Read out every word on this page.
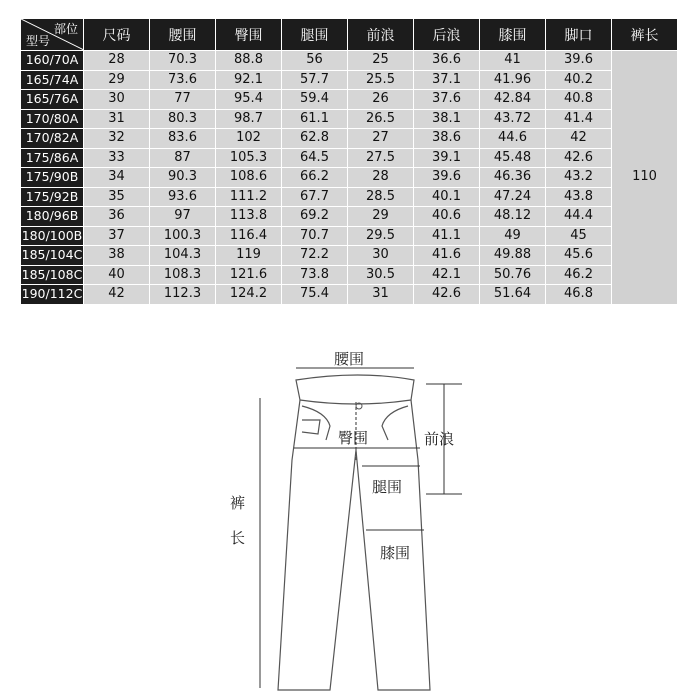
部位
型号	尺码	腰围	臀围	腿围	前浪	后浪	膝围	脚口	裤长
160/70A	28	70.3	88.8	56	25	36.6	41	39.6	110
165/74A	29	73.6	92.1	57.7	25.5	37.1	41.96	40.2	
165/76A	30	77	95.4	59.4	26	37.6	42.84	40.8	
170/80A	31	80.3	98.7	61.1	26.5	38.1	43.72	41.4	
170/82A	32	83.6	102	62.8	27	38.6	44.6	42	
175/86A	33	87	105.3	64.5	27.5	39.1	45.48	42.6	
175/90B	34	90.3	108.6	66.2	28	39.6	46.36	43.2	
175/92B	35	93.6	111.2	67.7	28.5	40.1	47.24	43.8	
180/96B	36	97	113.8	69.2	29	40.6	48.12	44.4	
180/100B	37	100.3	116.4	70.7	29.5	41.1	49	45	
185/104C	38	104.3	119	72.2	30	41.6	49.88	45.6	
185/108C	40	108.3	121.6	73.8	30.5	42.1	50.76	46.2	
190/112C	42	112.3	124.2	75.4	31	42.6	51.64	46.8	
腰围
臀围	前浪
腿围
膝围
裤
长
